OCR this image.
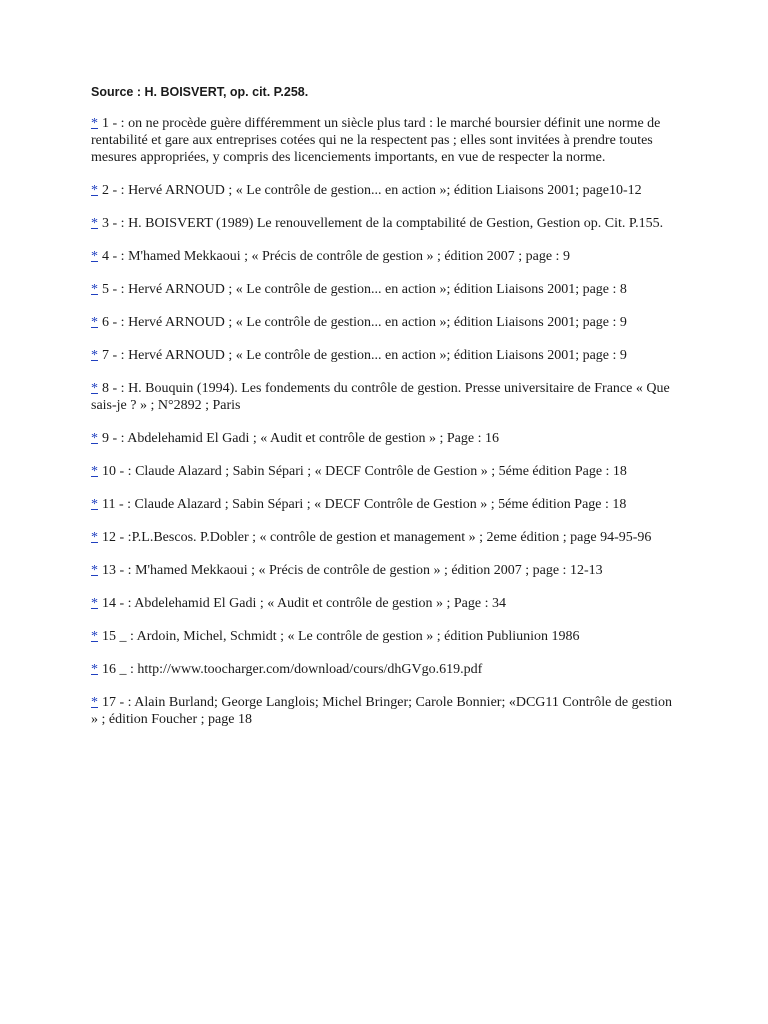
Source : H. BOISVERT, op. cit. P.258.

* 1 - : on ne procède guère différemment un siècle plus tard : le marché boursier définit une norme de rentabilité et gare aux entreprises cotées qui ne la respectent pas ; elles sont invitées à prendre toutes mesures appropriées, y compris des licenciements importants, en vue de respecter la norme.

* 2 - : Hervé ARNOUD ; « Le contrôle de gestion... en action »; édition Liaisons 2001; page10-12

* 3 - : H. BOISVERT (1989) Le renouvellement de la comptabilité de Gestion, Gestion op. Cit. P.155.

* 4 - : M'hamed Mekkaoui ; « Précis de contrôle de gestion » ; édition 2007 ; page : 9

* 5 - : Hervé ARNOUD ; « Le contrôle de gestion... en action »; édition Liaisons 2001; page : 8

* 6 - : Hervé ARNOUD ; « Le contrôle de gestion... en action »; édition Liaisons 2001; page : 9

* 7 - : Hervé ARNOUD ; « Le contrôle de gestion... en action »; édition Liaisons 2001; page : 9

* 8 - : H. Bouquin (1994). Les fondements du contrôle de gestion. Presse universitaire de France « Que sais-je ? » ; N°2892 ; Paris

* 9 - : Abdelehamid El Gadi ; « Audit et contrôle de gestion » ; Page : 16

* 10 - : Claude Alazard ; Sabin Sépari ; « DECF Contrôle de Gestion » ; 5éme édition Page : 18

* 11 - : Claude Alazard ; Sabin Sépari ; « DECF Contrôle de Gestion » ; 5éme édition Page : 18

* 12 - :P.L.Bescos. P.Dobler ; « contrôle de gestion et management » ; 2eme édition ; page 94-95-96

* 13 - : M'hamed Mekkaoui ; « Précis de contrôle de gestion » ; édition 2007 ; page : 12-13

* 14 - : Abdelehamid El Gadi ; « Audit et contrôle de gestion » ; Page : 34

* 15 _ : Ardoin, Michel, Schmidt ; « Le contrôle de gestion » ; édition Publiunion 1986

* 16 _ : http://www.toocharger.com/download/cours/dhGVgo.619.pdf

* 17 - : Alain Burland; George Langlois; Michel Bringer; Carole Bonnier; «DCG11 Contrôle de gestion » ; édition Foucher ; page 18
